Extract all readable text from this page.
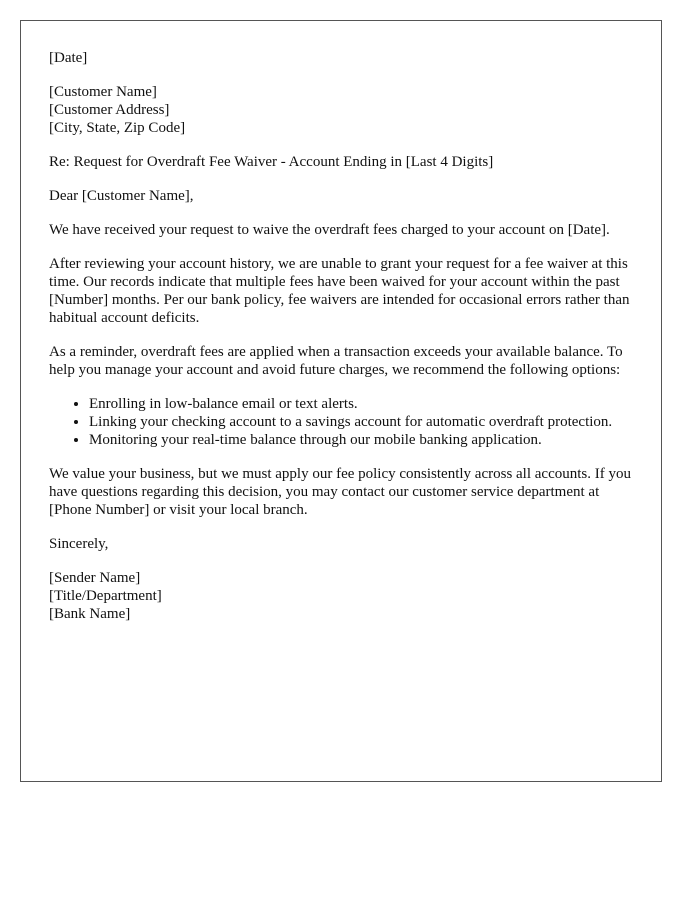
[Date]

[Customer Name]
[Customer Address]
[City, State, Zip Code]

Re: Request for Overdraft Fee Waiver - Account Ending in [Last 4 Digits]

Dear [Customer Name],

We have received your request to waive the overdraft fees charged to your account on [Date].

After reviewing your account history, we are unable to grant your request for a fee waiver at this time. Our records indicate that multiple fees have been waived for your account within the past [Number] months. Per our bank policy, fee waivers are intended for occasional errors rather than habitual account deficits.

As a reminder, overdraft fees are applied when a transaction exceeds your available balance. To help you manage your account and avoid future charges, we recommend the following options:

• Enrolling in low-balance email or text alerts.
• Linking your checking account to a savings account for automatic overdraft protection.
• Monitoring your real-time balance through our mobile banking application.

We value your business, but we must apply our fee policy consistently across all accounts. If you have questions regarding this decision, you may contact our customer service department at [Phone Number] or visit your local branch.

Sincerely,

[Sender Name]
[Title/Department]
[Bank Name]
